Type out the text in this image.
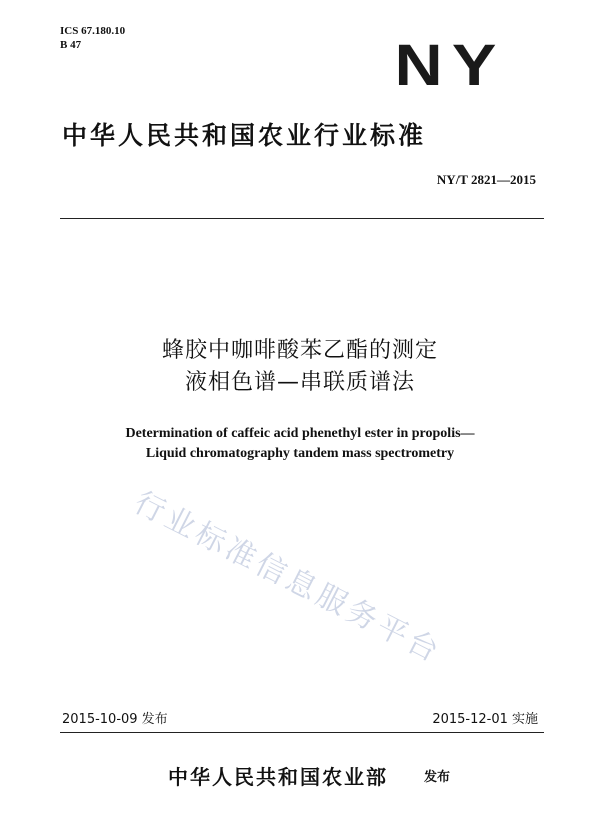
ICS 67.180.10
B 47	NY
中华人民共和国农业行业标准
NY/T 2821—2015
蜂胶中咖啡酸苯乙酯的测定
液相色谱—串联质谱法
Determination of caffeic acid phenethyl ester in propolis—
Liquid chromatography tandem mass spectrometry
行业标准信息服务平台
2015-10-09 发布	2015-12-01 实施
中华人民共和国农业部	发布
